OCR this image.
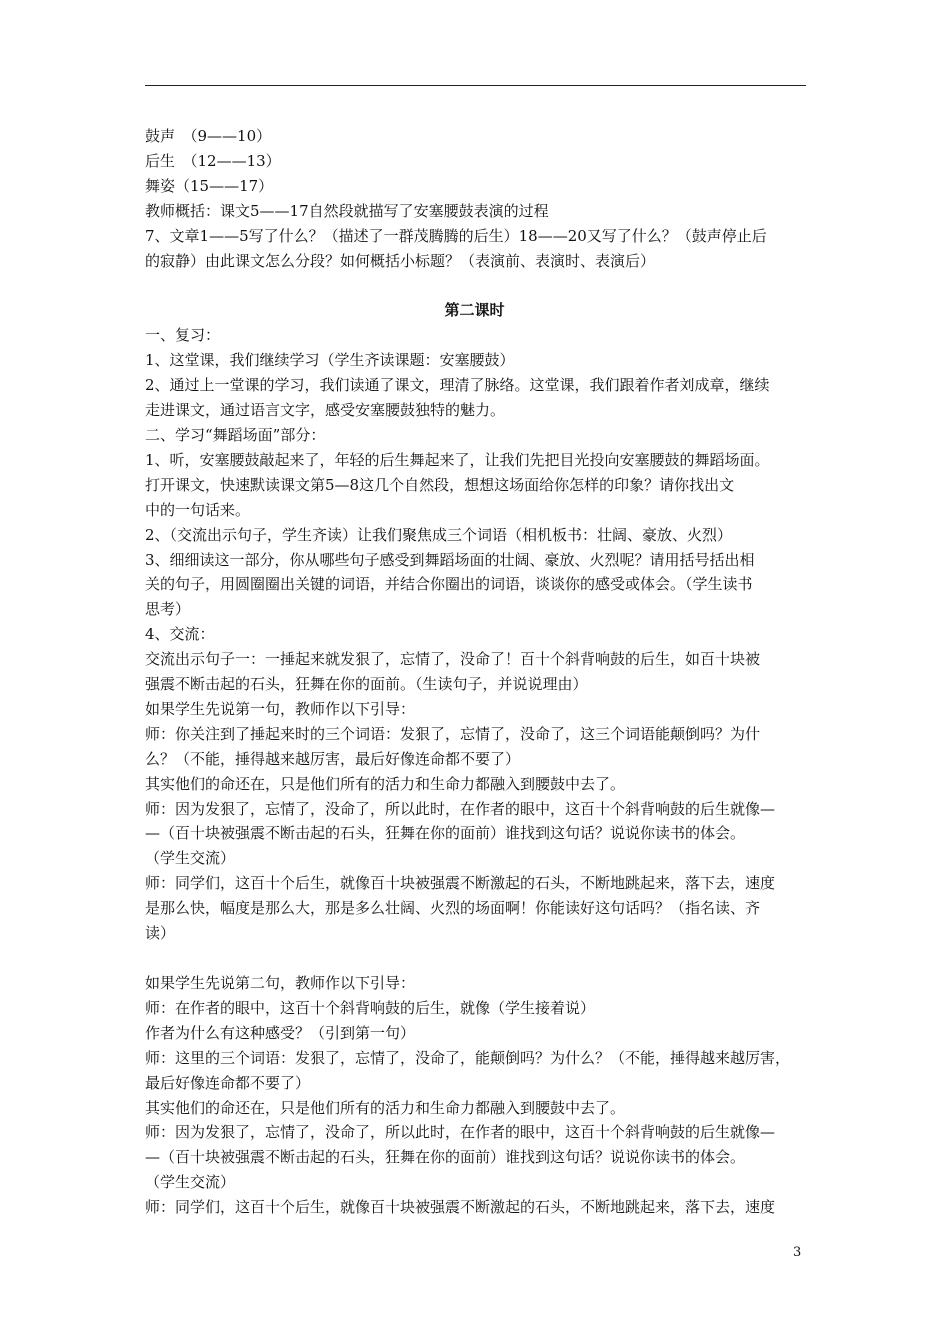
鼓声　（9——10）
后生　（12——13）
舞姿（15——17）
教师概括：课文5——17自然段就描写了安塞腰鼓表演的过程
7、文章1——5写了什么？（描述了一群茂腾腾的后生）18——20又写了什么？（鼓声停止后
的寂静）由此课文怎么分段？如何概括小标题？（表演前、表演时、表演后）
第二课时
一、复习：
1、这堂课，我们继续学习（学生齐读课题：安塞腰鼓）
2、通过上一堂课的学习，我们读通了课文，理清了脉络。这堂课，我们跟着作者刘成章，继续
走进课文，通过语言文字，感受安塞腰鼓独特的魅力。
二、学习“舞蹈场面”部分：
1、听，安塞腰鼓敲起来了，年轻的后生舞起来了，让我们先把目光投向安塞腰鼓的舞蹈场面。
打开课文，快速默读课文第5—8这几个自然段，想想这场面给你怎样的印象？请你找出文
中的一句话来。
2、（交流出示句子，学生齐读）让我们聚焦成三个词语（相机板书：壮阔、豪放、火烈）
3、细细读这一部分，你从哪些句子感受到舞蹈场面的壮阔、豪放、火烈呢？请用括号括出相
关的句子，用圆圈圈出关键的词语，并结合你圈出的词语，谈谈你的感受或体会。（学生读书
思考）
4、交流：
交流出示句子一：一捶起来就发狠了，忘情了，没命了！百十个斜背响鼓的后生，如百十块被
强震不断击起的石头，狂舞在你的面前。（生读句子，并说说理由）
如果学生先说第一句，教师作以下引导：
师：你关注到了捶起来时的三个词语：发狠了，忘情了，没命了，这三个词语能颠倒吗？为什
么？（不能，捶得越来越厉害，最后好像连命都不要了）
其实他们的命还在，只是他们所有的活力和生命力都融入到腰鼓中去了。
师：因为发狠了，忘情了，没命了，所以此时，在作者的眼中，这百十个斜背响鼓的后生就像—
—（百十块被强震不断击起的石头，狂舞在你的面前）谁找到这句话？说说你读书的体会。
（学生交流）
师：同学们，这百十个后生，就像百十块被强震不断激起的石头，不断地跳起来，落下去，速度
是那么快，幅度是那么大，那是多么壮阔、火烈的场面啊！你能读好这句话吗？（指名读、齐
读）
如果学生先说第二句，教师作以下引导：
师：在作者的眼中，这百十个斜背响鼓的后生，就像（学生接着说）
作者为什么有这种感受？（引到第一句）
师：这里的三个词语：发狠了，忘情了，没命了，能颠倒吗？为什么？（不能，捶得越来越厉害，
最后好像连命都不要了）
其实他们的命还在，只是他们所有的活力和生命力都融入到腰鼓中去了。
师：因为发狠了，忘情了，没命了，所以此时，在作者的眼中，这百十个斜背响鼓的后生就像—
—（百十块被强震不断击起的石头，狂舞在你的面前）谁找到这句话？说说你读书的体会。
（学生交流）
师：同学们，这百十个后生，就像百十块被强震不断激起的石头，不断地跳起来，落下去，速度
3
